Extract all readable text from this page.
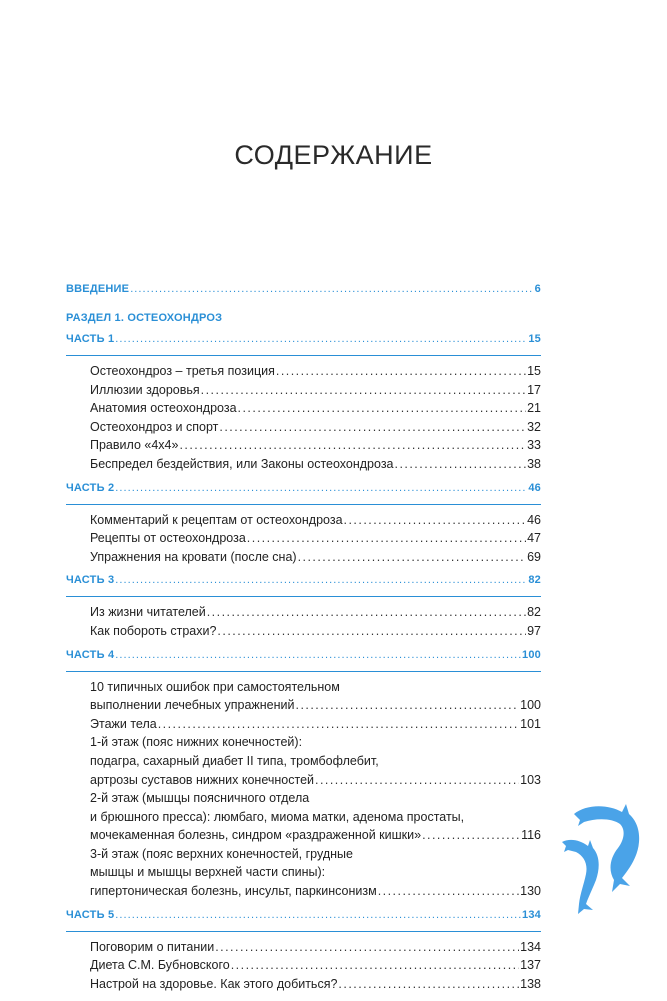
СОДЕРЖАНИЕ
ВВЕДЕНИЕ . . .	6
РАЗДЕЛ 1. ОСТЕОХОНДРОЗ
ЧАСТЬ 1 . . .	15
Остеохондроз – третья позиция . . .	15
Иллюзии здоровья . . .	17
Анатомия остеохондроза . . .	21
Остеохондроз и спорт . . .	32
Правило «4х4» . . .	33
Беспредел бездействия, или Законы остеохондроза . . .	38
ЧАСТЬ 2 . . .	46
Комментарий к рецептам от остеохондроза . . .	46
Рецепты от остеохондроза . . .	47
Упражнения на кровати (после сна) . . .	69
ЧАСТЬ 3 . . .	82
Из жизни читателей . . .	82
Как побороть страхи? . . .	97
ЧАСТЬ 4 . . .	100
10 типичных ошибок при самостоятельном
выполнении лечебных упражнений . . .	100
Этажи тела . . .	101
1-й этаж (пояс нижних конечностей):
подагра, сахарный диабет II типа, тромбофлебит,
артрозы суставов нижних конечностей . . .	103
2-й этаж (мышцы поясничного отдела
и брюшного пресса): люмбаго, миома матки, аденома простаты,
мочекаменная болезнь, синдром «раздраженной кишки» . . .	116
3-й этаж (пояс верхних конечностей, грудные
мышцы и мышцы верхней части спины):
гипертоническая болезнь, инсульт, паркинсонизм . . .	130
ЧАСТЬ 5 . . .	134
Поговорим о питании . . .	134
Диета С.М. Бубновского . . .	137
Настрой на здоровье. Как этого добиться? . . .	138
